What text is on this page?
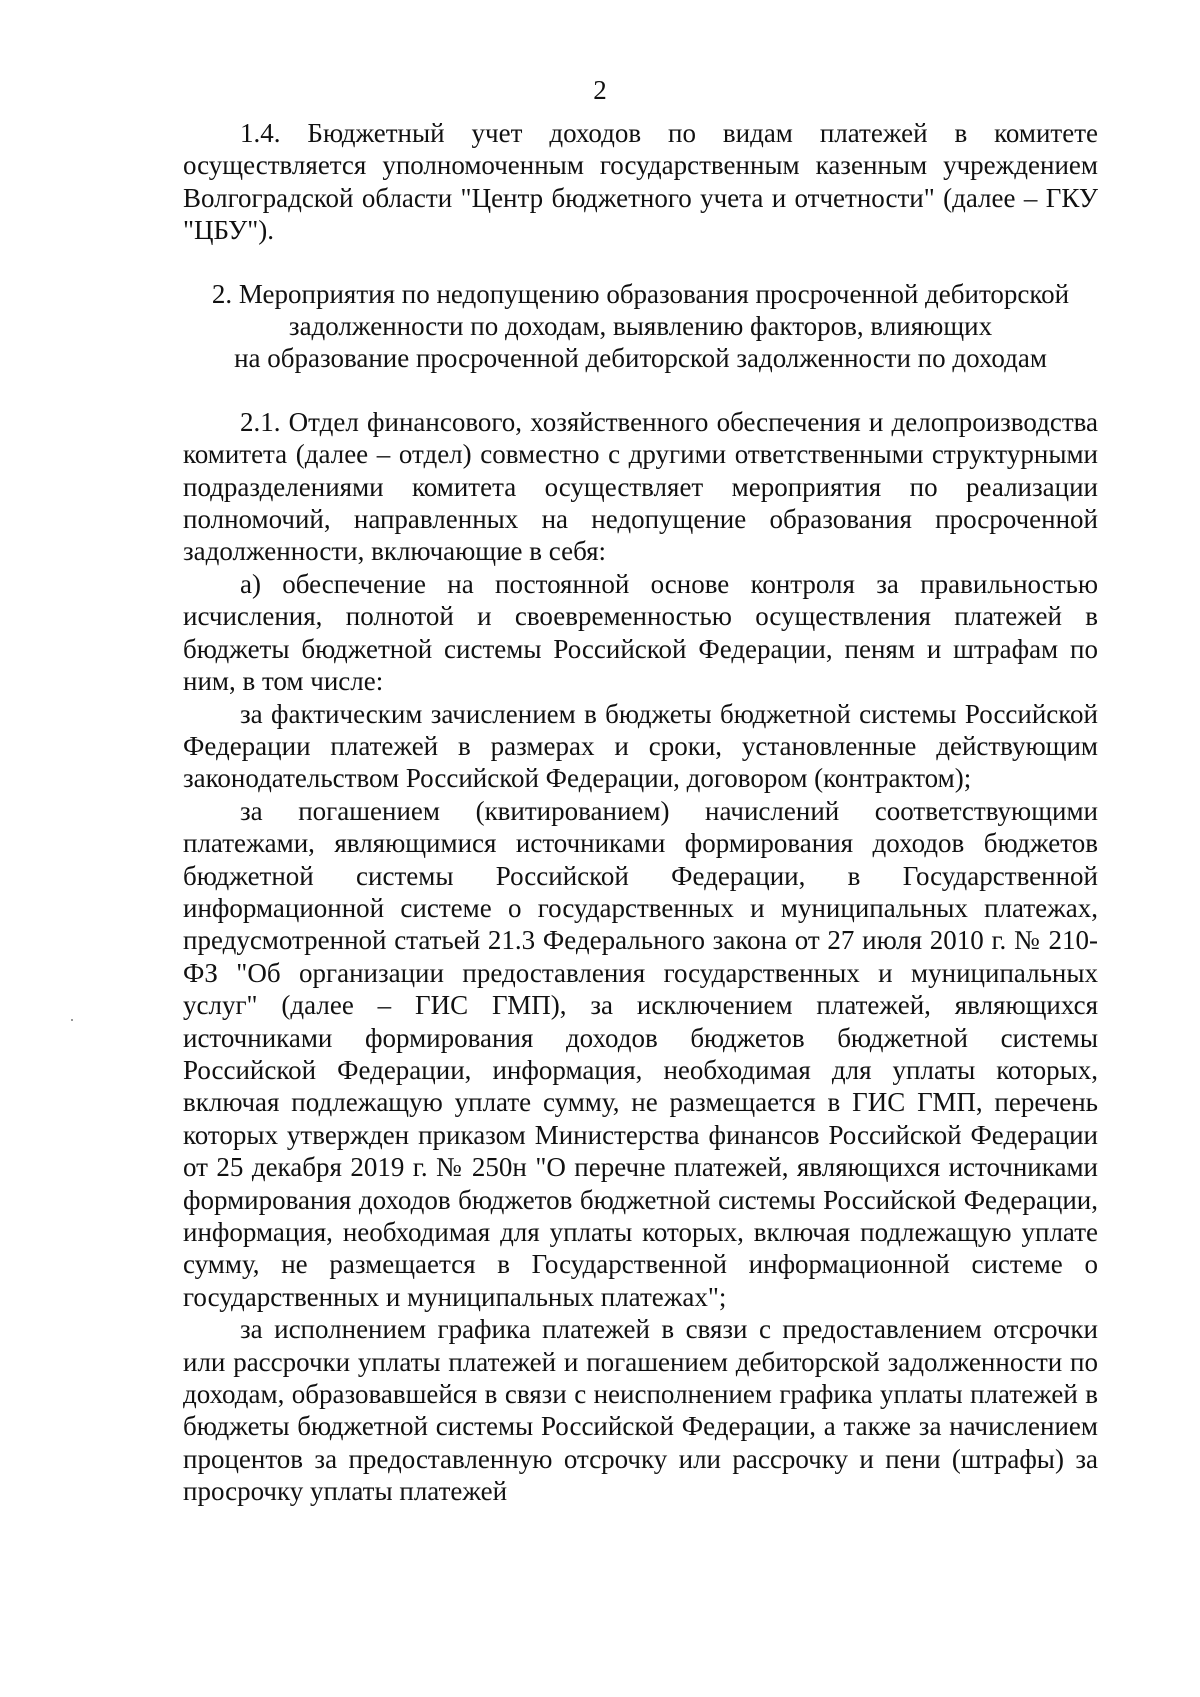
2

1.4. Бюджетный учет доходов по видам платежей в комитете осуществляется уполномоченным государственным казенным учреждением Волгоградской области "Центр бюджетного учета и отчетности" (далее – ГКУ "ЦБУ").

2. Мероприятия по недопущению образования просроченной дебиторской

задолженности по доходам, выявлению факторов, влияющих

на образование просроченной дебиторской задолженности по доходам

2.1. Отдел финансового, хозяйственного обеспечения и делопроизводства комитета (далее – отдел) совместно с другими ответственными структурными подразделениями комитета осуществляет мероприятия по реализации полномочий, направленных на недопущение образования просроченной задолженности, включающие в себя:

а) обеспечение на постоянной основе контроля за правильностью исчисления, полнотой и своевременностью осуществления платежей в бюджеты бюджетной системы Российской Федерации, пеням и штрафам по ним, в том числе:

за фактическим зачислением в бюджеты бюджетной системы Российской Федерации платежей в размерах и сроки, установленные действующим законодательством Российской Федерации, договором (контрактом);

за погашением (квитированием) начислений соответствующими платежами, являющимися источниками формирования доходов бюджетов бюджетной системы Российской Федерации, в Государственной информационной системе о государственных и муниципальных платежах, предусмотренной статьей 21.3 Федерального закона от 27 июля 2010 г. № 210-ФЗ "Об организации предоставления государственных и муниципальных услуг" (далее – ГИС ГМП), за исключением платежей, являющихся источниками формирования доходов бюджетов бюджетной системы Российской Федерации, информация, необходимая для уплаты которых, включая подлежащую уплате сумму, не размещается в ГИС ГМП, перечень которых утвержден приказом Министерства финансов Российской Федерации от 25 декабря 2019 г. № 250н "О перечне платежей, являющихся источниками формирования доходов бюджетов бюджетной системы Российской Федерации, информация, необходимая для уплаты которых, включая подлежащую уплате сумму, не размещается в Государственной информационной системе о государственных и муниципальных платежах";

за исполнением графика платежей в связи с предоставлением отсрочки или рассрочки уплаты платежей и погашением дебиторской задолженности по доходам, образовавшейся в связи с неисполнением графика уплаты платежей в бюджеты бюджетной системы Российской Федерации, а также за начислением процентов за предоставленную отсрочку или рассрочку и пени (штрафы) за просрочку уплаты платежей
